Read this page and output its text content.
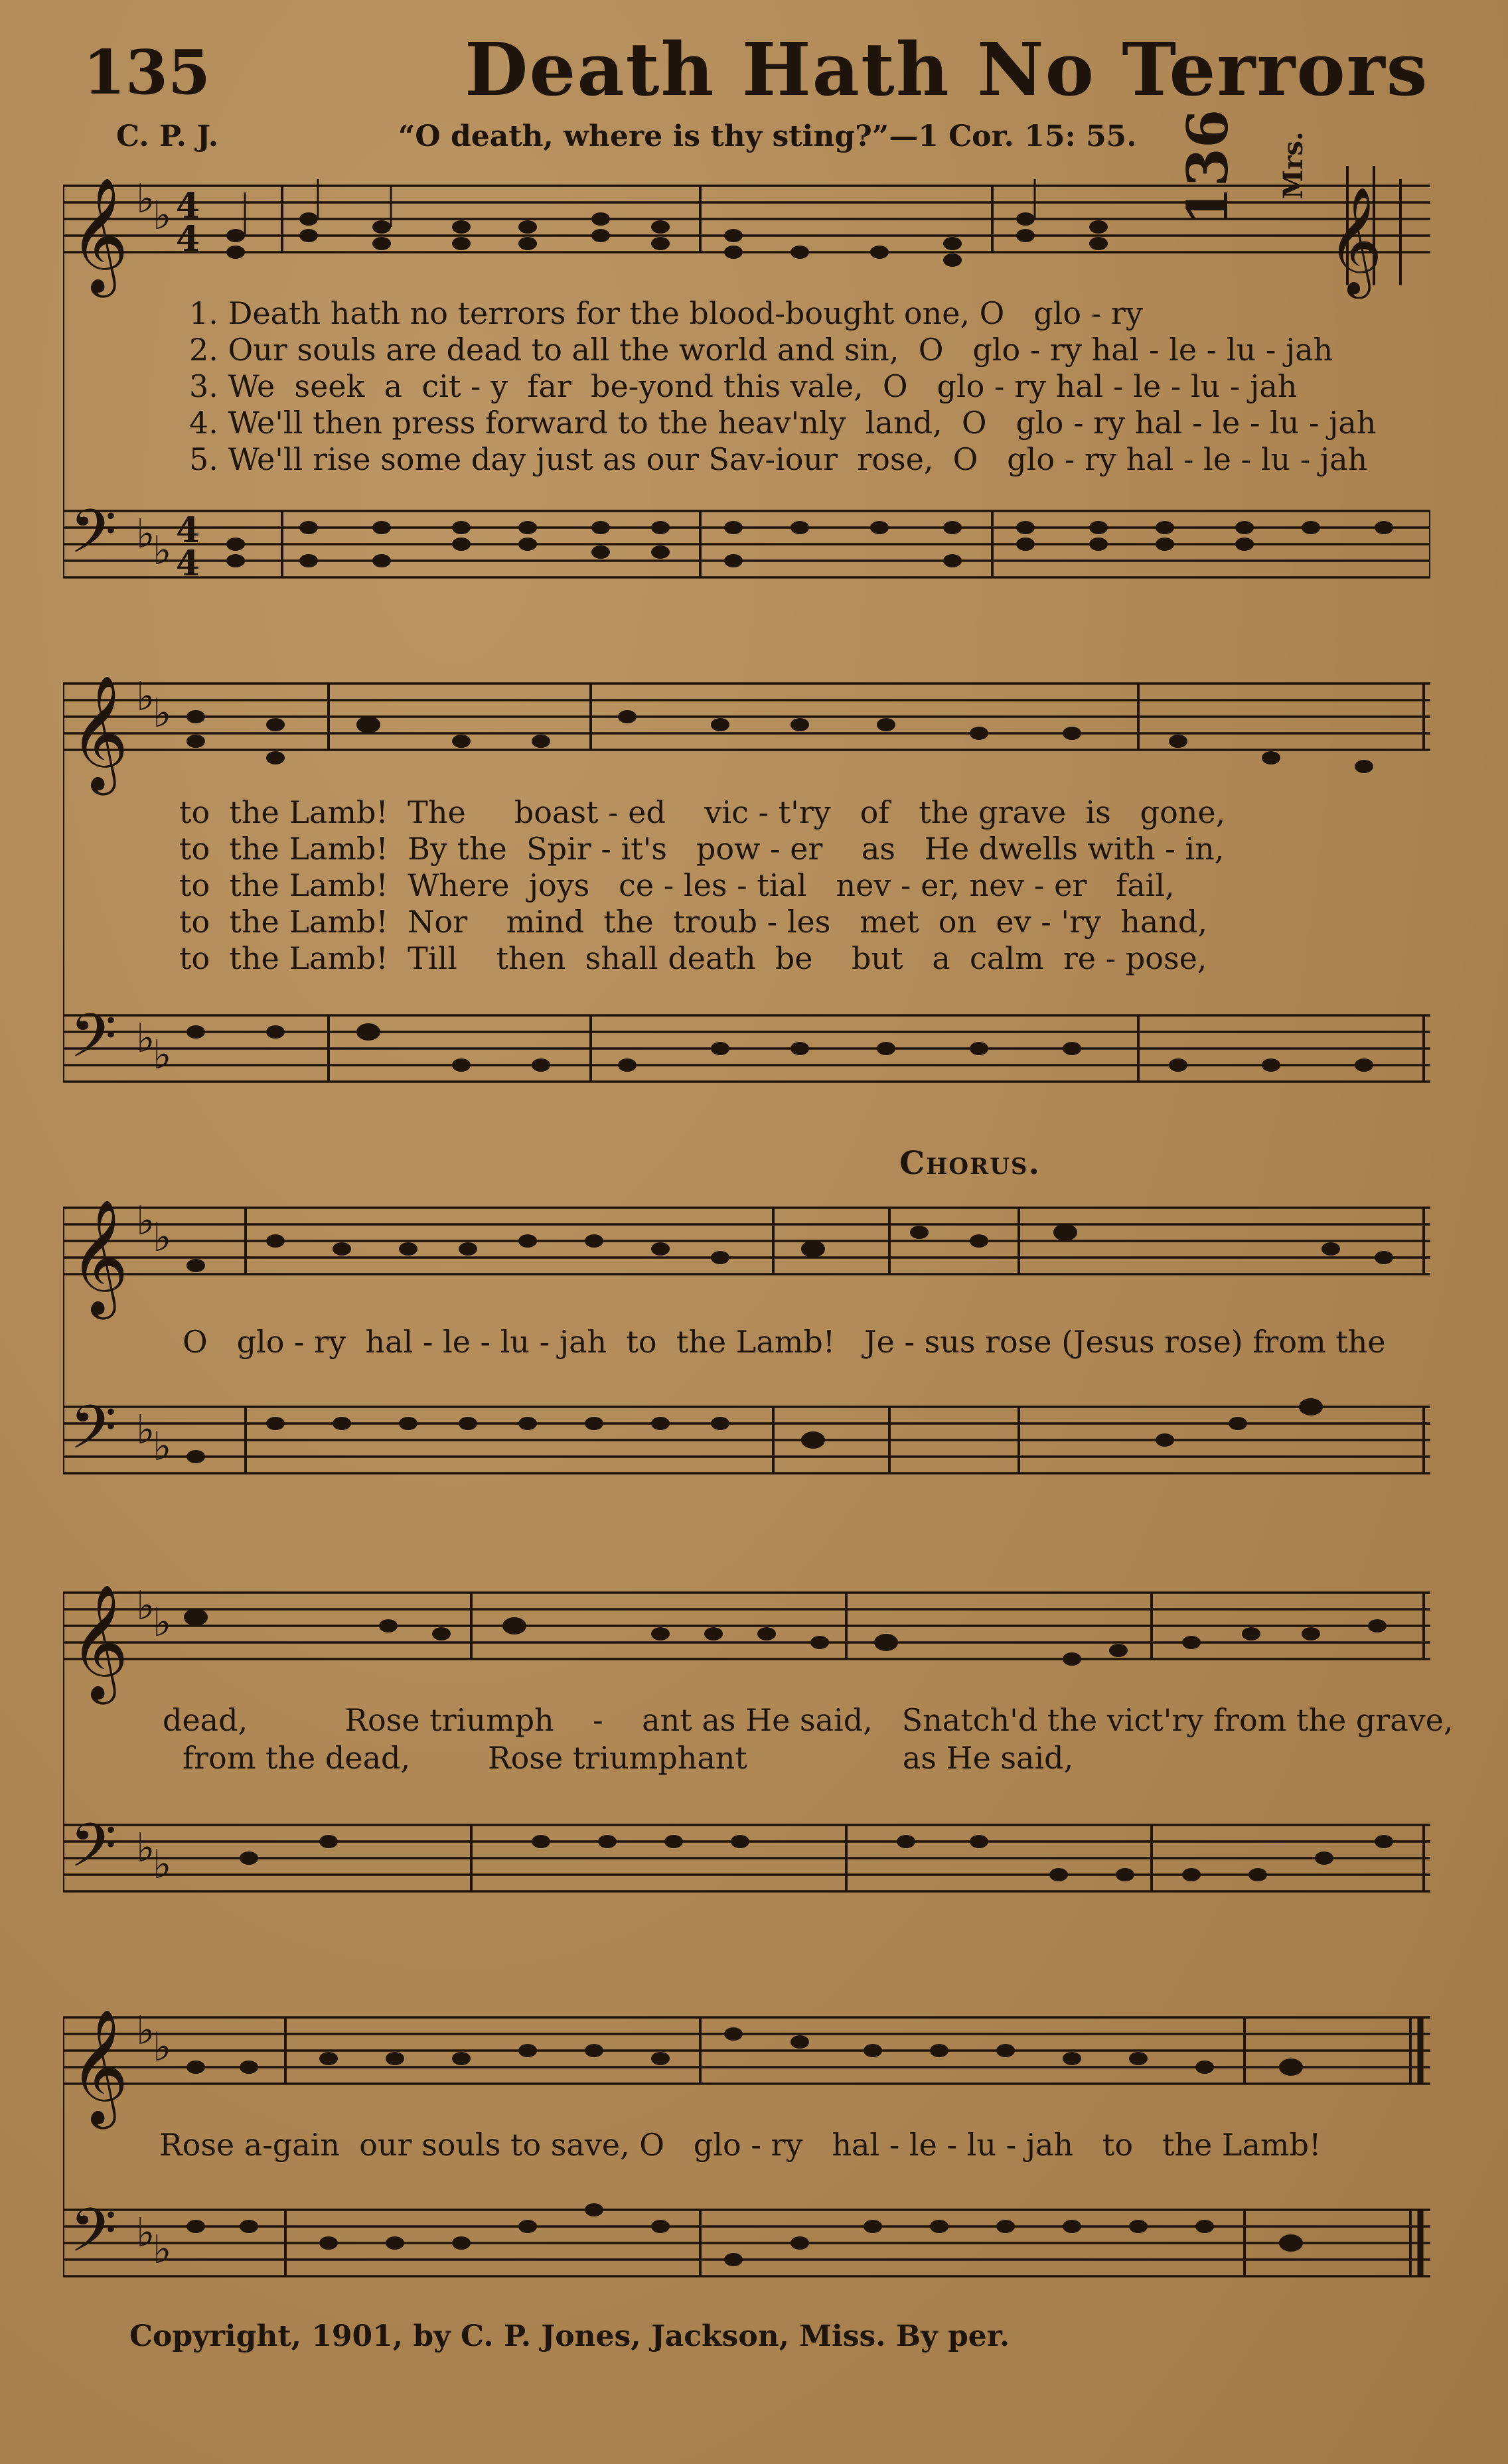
135	Death Hath No Terrors
C. P. J.	“O death, where is thy sting?”—1 Cor. 15: 55. 136 Mrs.
𝄞
𝄞 ♭
♭ 4
4
𝄢 ♭
♭ 4
4
1. Death hath no terrors for the blood-bought one, O   glo - ry
2. Our souls are dead to all the world and sin,  O   glo - ry hal - le - lu - jah
3. We  seek  a  cit - y  far  be-yond this vale,  O   glo - ry hal - le - lu - jah
4. We'll then press forward to the heav'nly  land,  O   glo - ry hal - le - lu - jah
5. We'll rise some day just as our Sav-iour  rose,  O   glo - ry hal - le - lu - jah
𝄞 ♭
♭
𝄢 ♭
♭
to  the Lamb!  The     boast - ed    vic - t'ry   of   the grave  is   gone,
to  the Lamb!  By the  Spir - it's   pow - er    as   He dwells with - in,
to  the Lamb!  Where  joys   ce - les - tial   nev - er, nev - er   fail,
to  the Lamb!  Nor    mind  the  troub - les   met  on  ev - 'ry  hand,
to  the Lamb!  Till    then  shall death  be    but   a  calm  re - pose,
Chorus.
𝄞 ♭
♭
𝄢 ♭
♭
O   glo - ry  hal - le - lu - jah  to  the Lamb!   Je - sus rose (Jesus rose) from the
𝄞 ♭
♭
𝄢 ♭
♭
dead,          Rose triumph    -    ant as He said,   Snatch'd the vict'ry from the grave,
from the dead,        Rose triumphant                as He said,
𝄞 ♭
♭
𝄢 ♭
♭
Rose a-gain  our souls to save, O   glo - ry   hal - le - lu - jah   to   the Lamb!
Copyright, 1901, by C. P. Jones, Jackson, Miss. By per.
